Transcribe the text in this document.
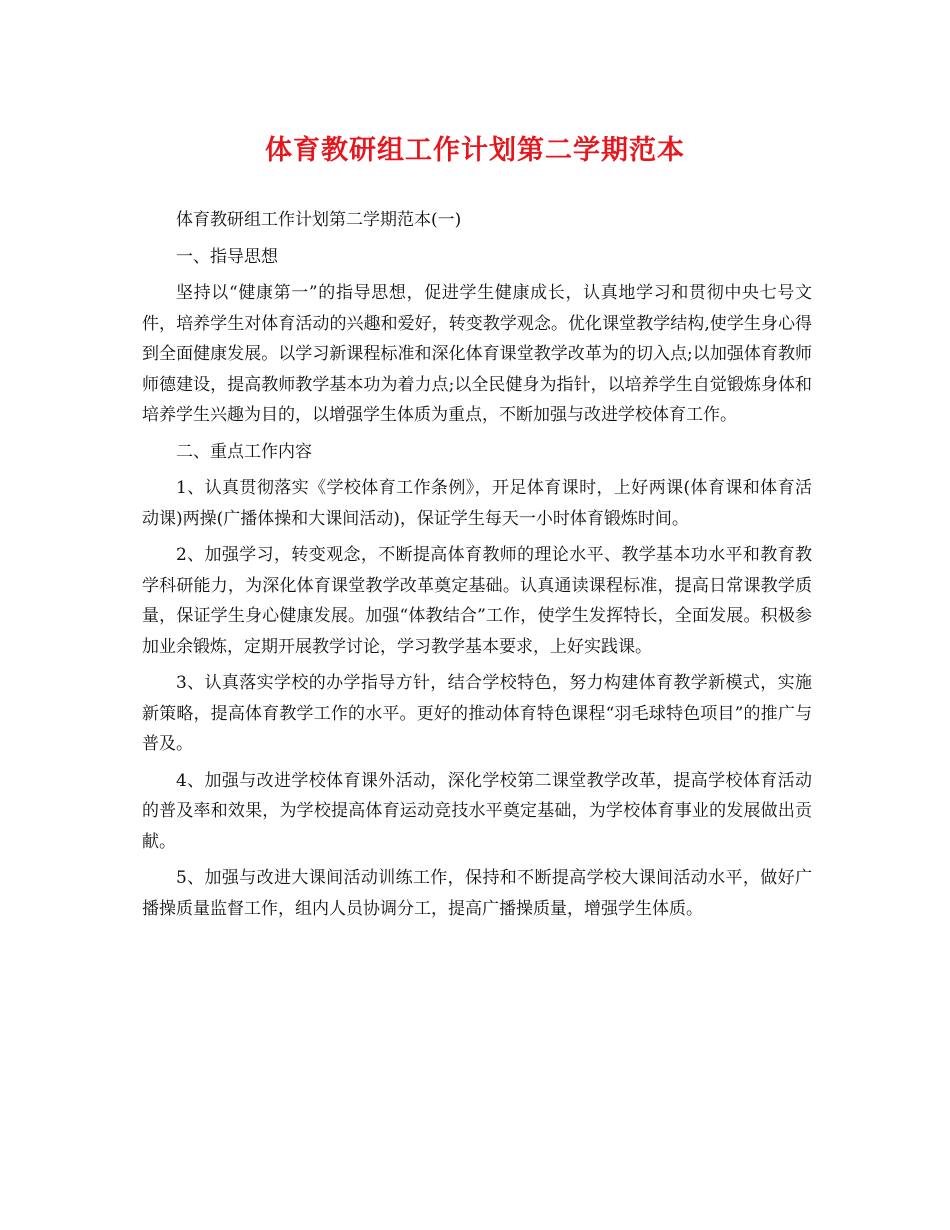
体育教研组工作计划第二学期范本

体育教研组工作计划第二学期范本(一)

一、指导思想

坚持以“健康第一”的指导思想，促进学生健康成长，认真地学习和贯彻中央七号文件，培养学生对体育活动的兴趣和爱好，转变教学观念。优化课堂教学结构,使学生身心得到全面健康发展。以学习新课程标准和深化体育课堂教学改革为的切入点;以加强体育教师师德建设，提高教师教学基本功为着力点;以全民健身为指针，以培养学生自觉锻炼身体和培养学生兴趣为目的，以增强学生体质为重点，不断加强与改进学校体育工作。

二、重点工作内容

1、认真贯彻落实《学校体育工作条例》，开足体育课时，上好两课(体育课和体育活动课)两操(广播体操和大课间活动)，保证学生每天一小时体育锻炼时间。

2、加强学习，转变观念，不断提高体育教师的理论水平、教学基本功水平和教育教学科研能力，为深化体育课堂教学改革奠定基础。认真通读课程标准，提高日常课教学质量，保证学生身心健康发展。加强“体教结合”工作，使学生发挥特长，全面发展。积极参加业余锻炼，定期开展教学讨论，学习教学基本要求，上好实践课。

3、认真落实学校的办学指导方针，结合学校特色，努力构建体育教学新模式，实施新策略，提高体育教学工作的水平。更好的推动体育特色课程“羽毛球特色项目”的推广与普及。

4、加强与改进学校体育课外活动，深化学校第二课堂教学改革，提高学校体育活动的普及率和效果，为学校提高体育运动竞技水平奠定基础，为学校体育事业的发展做出贡献。

5、加强与改进大课间活动训练工作，保持和不断提高学校大课间活动水平，做好广播操质量监督工作，组内人员协调分工，提高广播操质量，增强学生体质。
